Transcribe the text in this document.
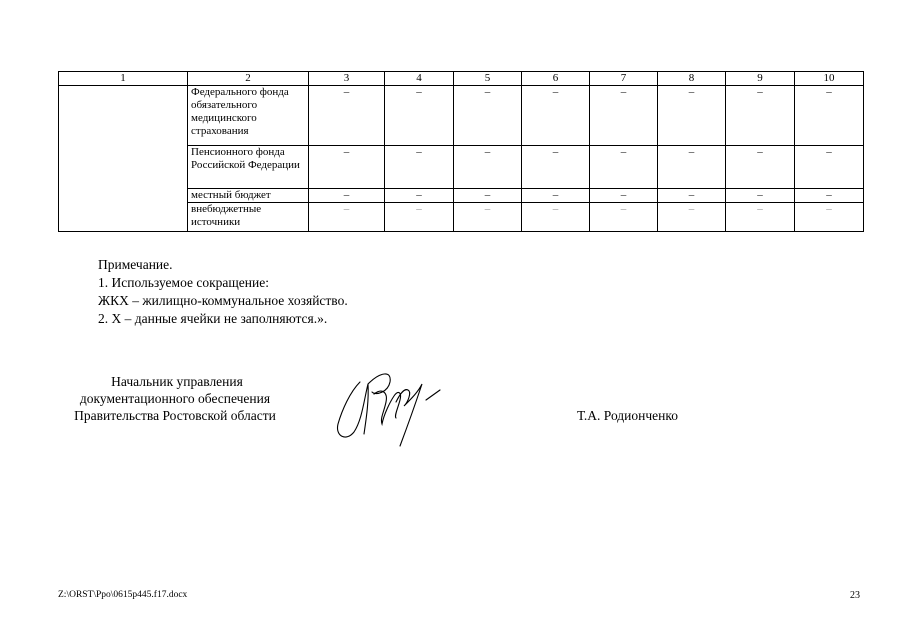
1	2	3	4	5	6	7	8	9	10
	Федерального фонда обязательного медицинского страхования	–	–	–	–	–	–	–	–
	Пенсионного фонда Российской Федерации	–	–	–	–	–	–	–	–
	местный бюджет	–	–	–	–	–	–	–	–
	внебюджетные источники	–	–	–	–	–	–	–	–
Примечание.
1. Используемое сокращение:
ЖКХ – жилищно-коммунальное хозяйство.
2. Х – данные ячейки не заполняются.».
Начальник управления
документационного обеспечения
Правительства Ростовской области	Т.А. Родионченко
Z:\ORST\Ppo\0615p445.f17.docx	23
